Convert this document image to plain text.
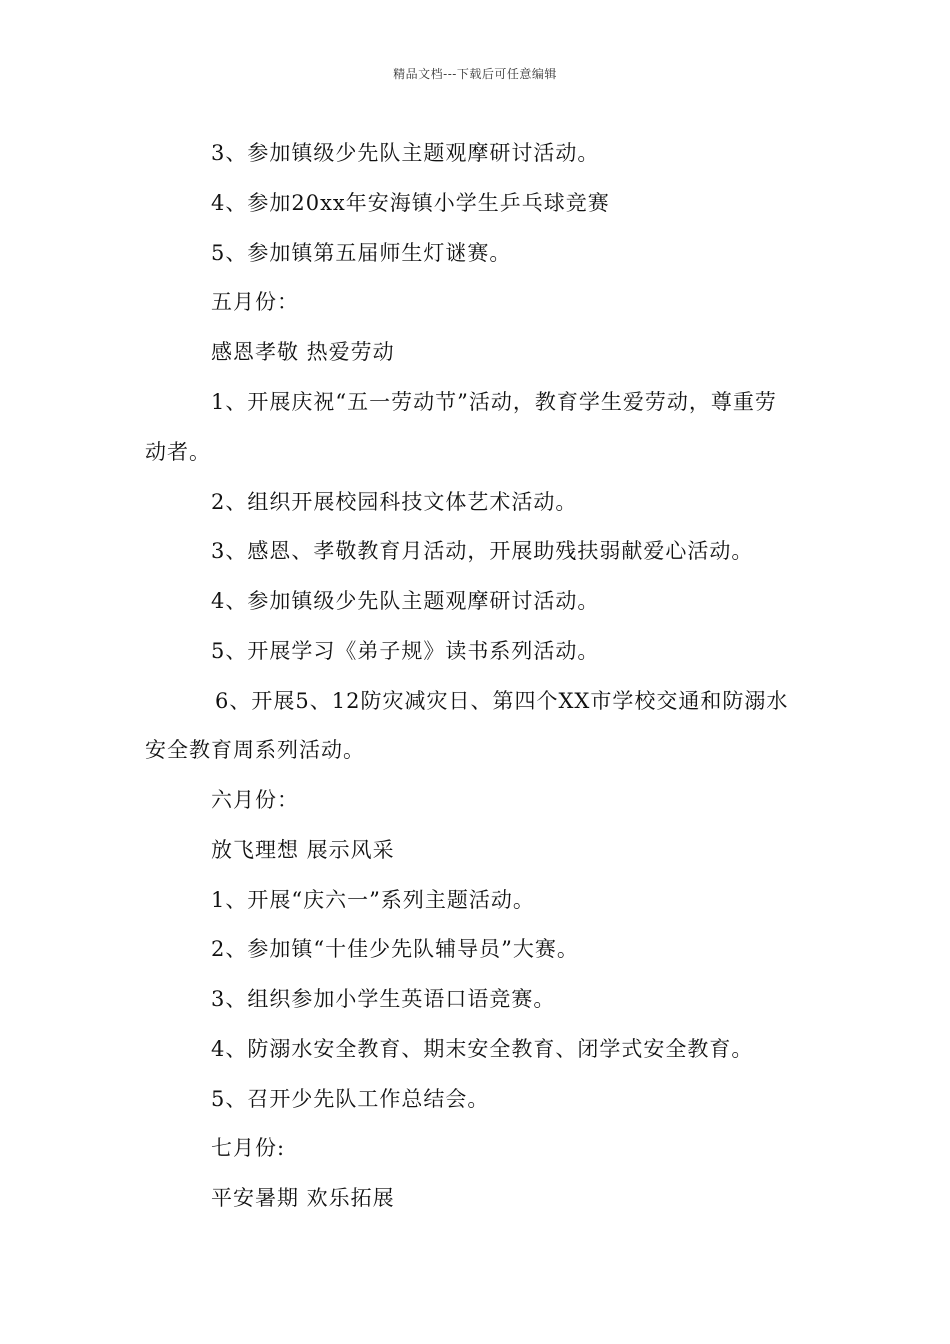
精品文档---下载后可任意编辑
3、参加镇级少先队主题观摩研讨活动。
4、参加20xx年安海镇小学生乒乓球竞赛
5、参加镇第五届师生灯谜赛。
五月份：
感恩孝敬 热爱劳动
1、开展庆祝“五一劳动节”活动，教育学生爱劳动，尊重劳
动者。
2、组织开展校园科技文体艺术活动。
3、感恩、孝敬教育月活动，开展助残扶弱献爱心活动。
4、参加镇级少先队主题观摩研讨活动。
5、开展学习《弟子规》读书系列活动。
6、开展5、12防灾减灾日、第四个XX市学校交通和防溺水
安全教育周系列活动。
六月份：
放飞理想 展示风采
1、开展“庆六一”系列主题活动。
2、参加镇“十佳少先队辅导员”大赛。
3、组织参加小学生英语口语竞赛。
4、防溺水安全教育、期末安全教育、闭学式安全教育。
5、召开少先队工作总结会。
七月份:
平安暑期 欢乐拓展
